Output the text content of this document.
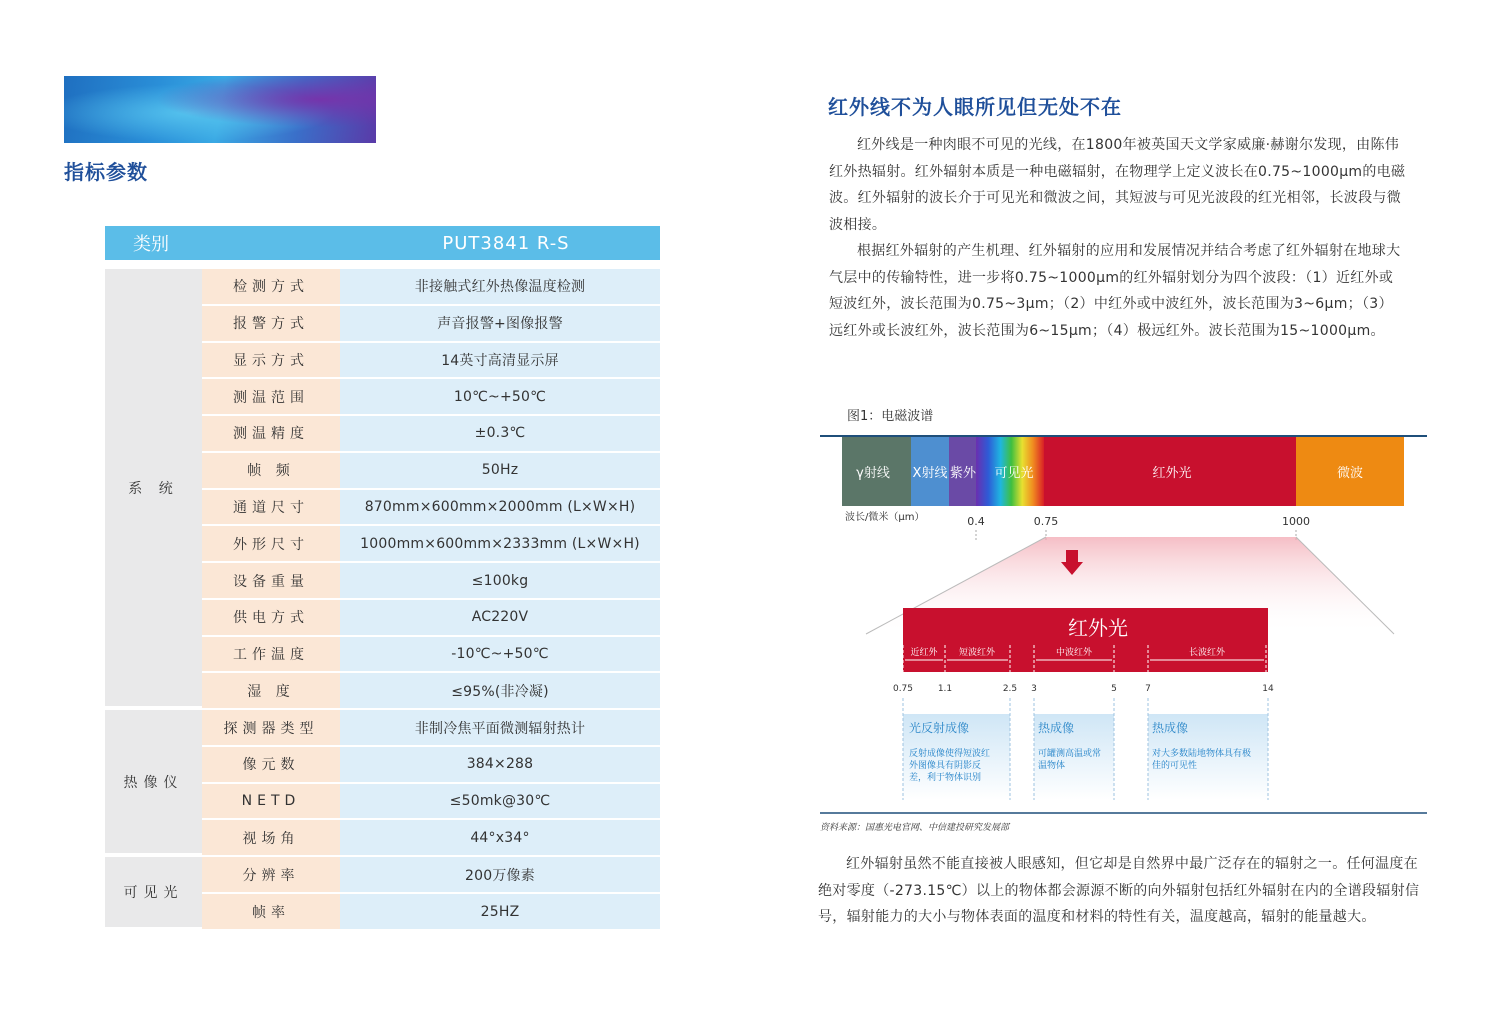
指标参数
类别	PUT3841 R-S	

系 统	检测方式	非接触式红外热像温度检测
	报警方式	声音报警+图像报警
	显示方式	14英寸高清显示屏
	测温范围	10℃~+50℃
	测温精度	±0.3℃
	帧 频	50Hz
	通道尺寸	870mm×600mm×2000mm (L×W×H)
	外形尺寸	1000mm×600mm×2333mm (L×W×H)
	设备重量	≤100kg
	供电方式	AC220V
	工作温度	-10℃~+50℃
	湿 度	≤95%(非冷凝)
热像仪	探测器类型	非制冷焦平面微测辐射热计
	像元数	384×288
	NETD	≤50mk@30℃
	视场角	44°x34°
可见光	分辨率	200万像素
	帧率	25HZ
红外线不为人眼所见但无处不在

红外线是一种肉眼不可见的光线，在1800年被英国天文学家威廉·赫谢尔发现，由陈伟红外热辐射。红外辐射本质是一种电磁辐射，在物理学上定义波长在0.75~1000μm的电磁波。红外辐射的波长介于可见光和微波之间，其短波与可见光波段的红光相邻，长波段与微波相接。

根据红外辐射的产生机理、红外辐射的应用和发展情况并结合考虑了红外辐射在地球大气层中的传输特性，进一步将0.75~1000μm的红外辐射划分为四个波段：（1）近红外或短波红外，波长范围为0.75~3μm；（2）中红外或中波红外，波长范围为3~6μm；（3）远红外或长波红外，波长范围为6~15μm；（4）极远红外。波长范围为15~1000μm。

图1：电磁波谱
γ射线 X射线 紫外 可见光	红外光	微波
波长/微米（μm）	0.4	0.75	1000
红外光
近红外 短波红外	中波红外	长波红外
0.75	1.1	2.5 3	5	7	14
光反射成像
反射成像使得短波红
外图像具有阴影反
差，利于物体识别
热成像
可罐测高温或常
温物体
热成像
对大多数陆地物体具有极
佳的可见性
资料来源：国惠光电官网、中信建投研究发展部

红外辐射虽然不能直接被人眼感知，但它却是自然界中最广泛存在的辐射之一。任何温度在绝对零度（-273.15℃）以上的物体都会源源不断的向外辐射包括红外辐射在内的全谱段辐射信号，辐射能力的大小与物体表面的温度和材料的特性有关，温度越高，辐射的能量越大。
